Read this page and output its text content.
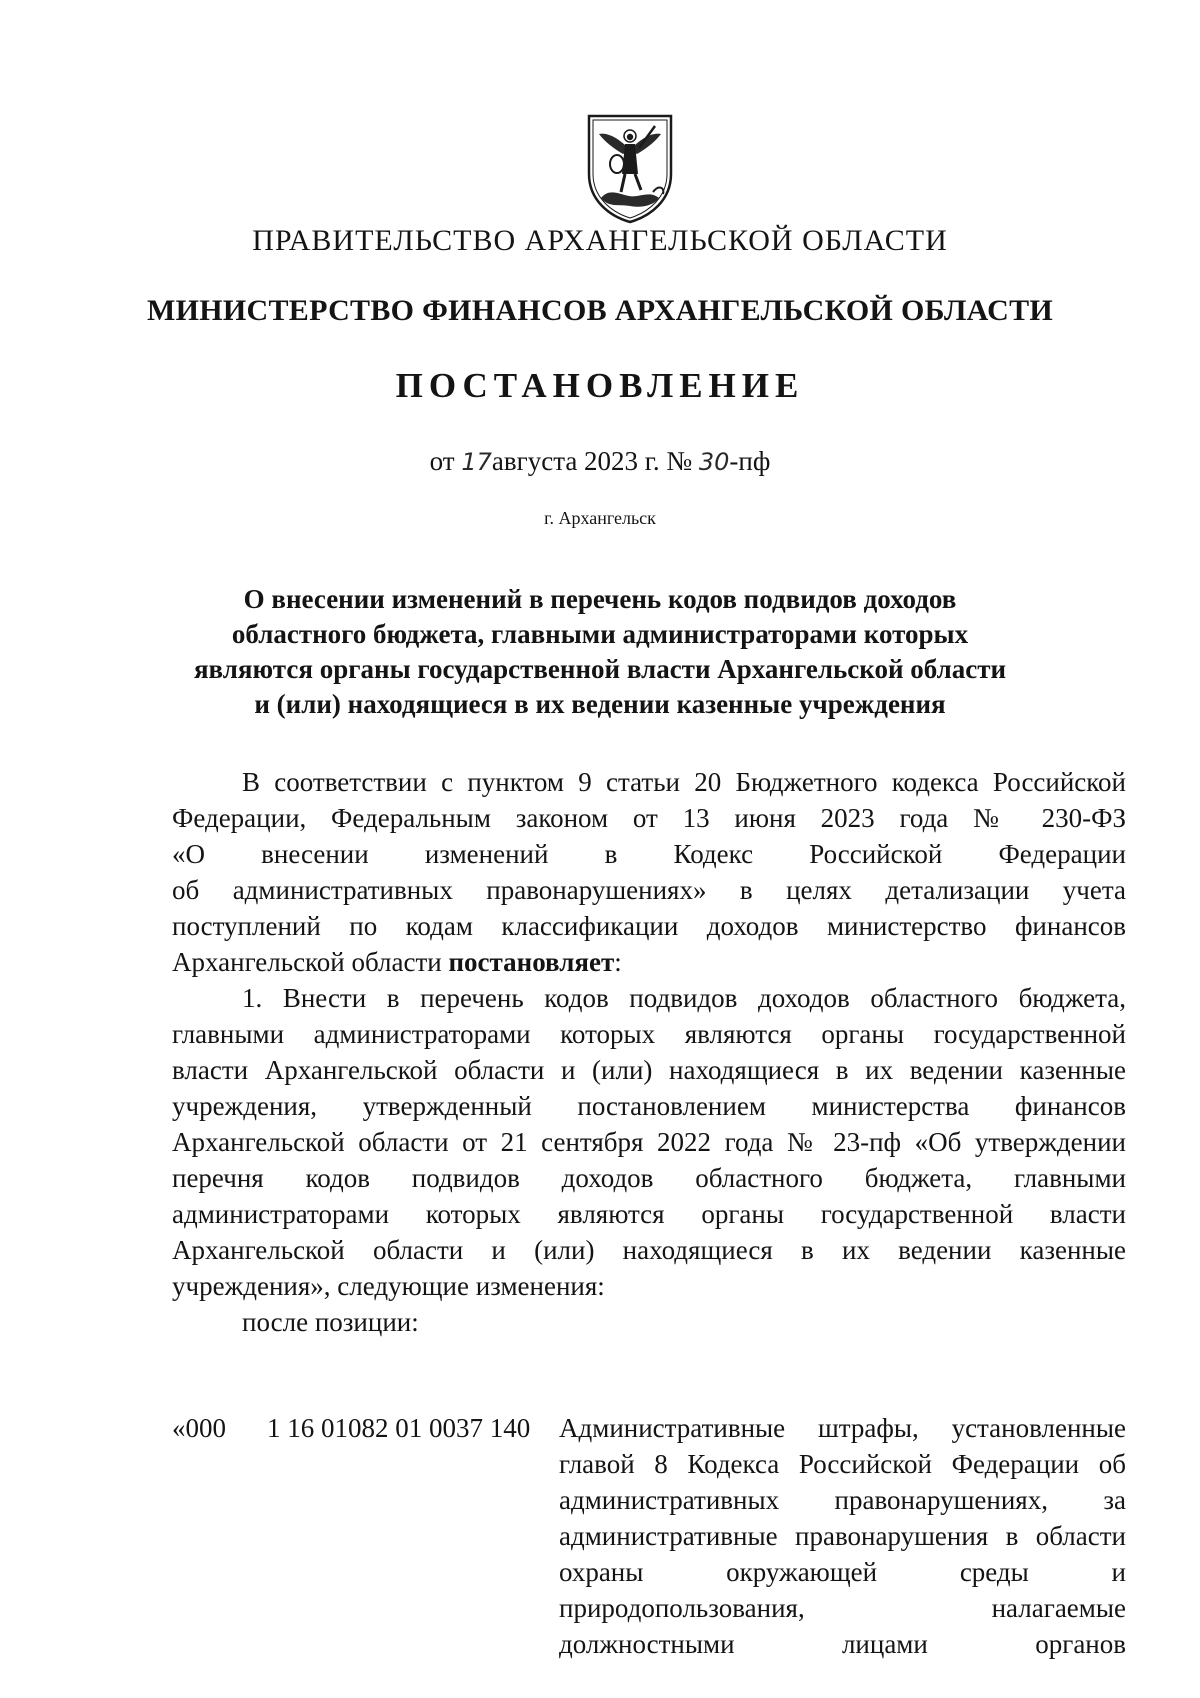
ПРАВИТЕЛЬСТВО АРХАНГЕЛЬСКОЙ ОБЛАСТИ
МИНИСТЕРСТВО ФИНАНСОВ АРХАНГЕЛЬСКОЙ ОБЛАСТИ
ПОСТАНОВЛЕНИЕ
от 17августа 2023 г. № 30-пф
г. Архангельск
О внесении изменений в перечень кодов подвидов доходов
областного бюджета, главными администраторами которых
являются органы государственной власти Архангельской области
и (или) находящиеся в их ведении казенные учреждения
В соответствии с пунктом 9 статьи 20 Бюджетного кодекса Российской
Федерации, Федеральным законом от 13 июня 2023 года № 230-ФЗ
«О внесении изменений в Кодекс Российской Федерации
об административных правонарушениях» в целях детализации учета
поступлений по кодам классификации доходов министерство финансов
Архангельской области постановляет:
1. Внести в перечень кодов подвидов доходов областного бюджета,
главными администраторами которых являются органы государственной
власти Архангельской области и (или) находящиеся в их ведении казенные
учреждения, утвержденный постановлением министерства финансов
Архангельской области от 21 сентября 2022 года № 23-пф «Об утверждении
перечня кодов подвидов доходов областного бюджета, главными
администраторами которых являются органы государственной власти
Архангельской области и (или) находящиеся в их ведении казенные
учреждения», следующие изменения:
после позиции:
«000 1 16 01082 01 0037 140 Административные штрафы, установленные
главой 8 Кодекса Российской Федерации об
административных правонарушениях, за
административные правонарушения в области
охраны окружающей среды и
природопользования, налагаемые
должностными лицами органов
